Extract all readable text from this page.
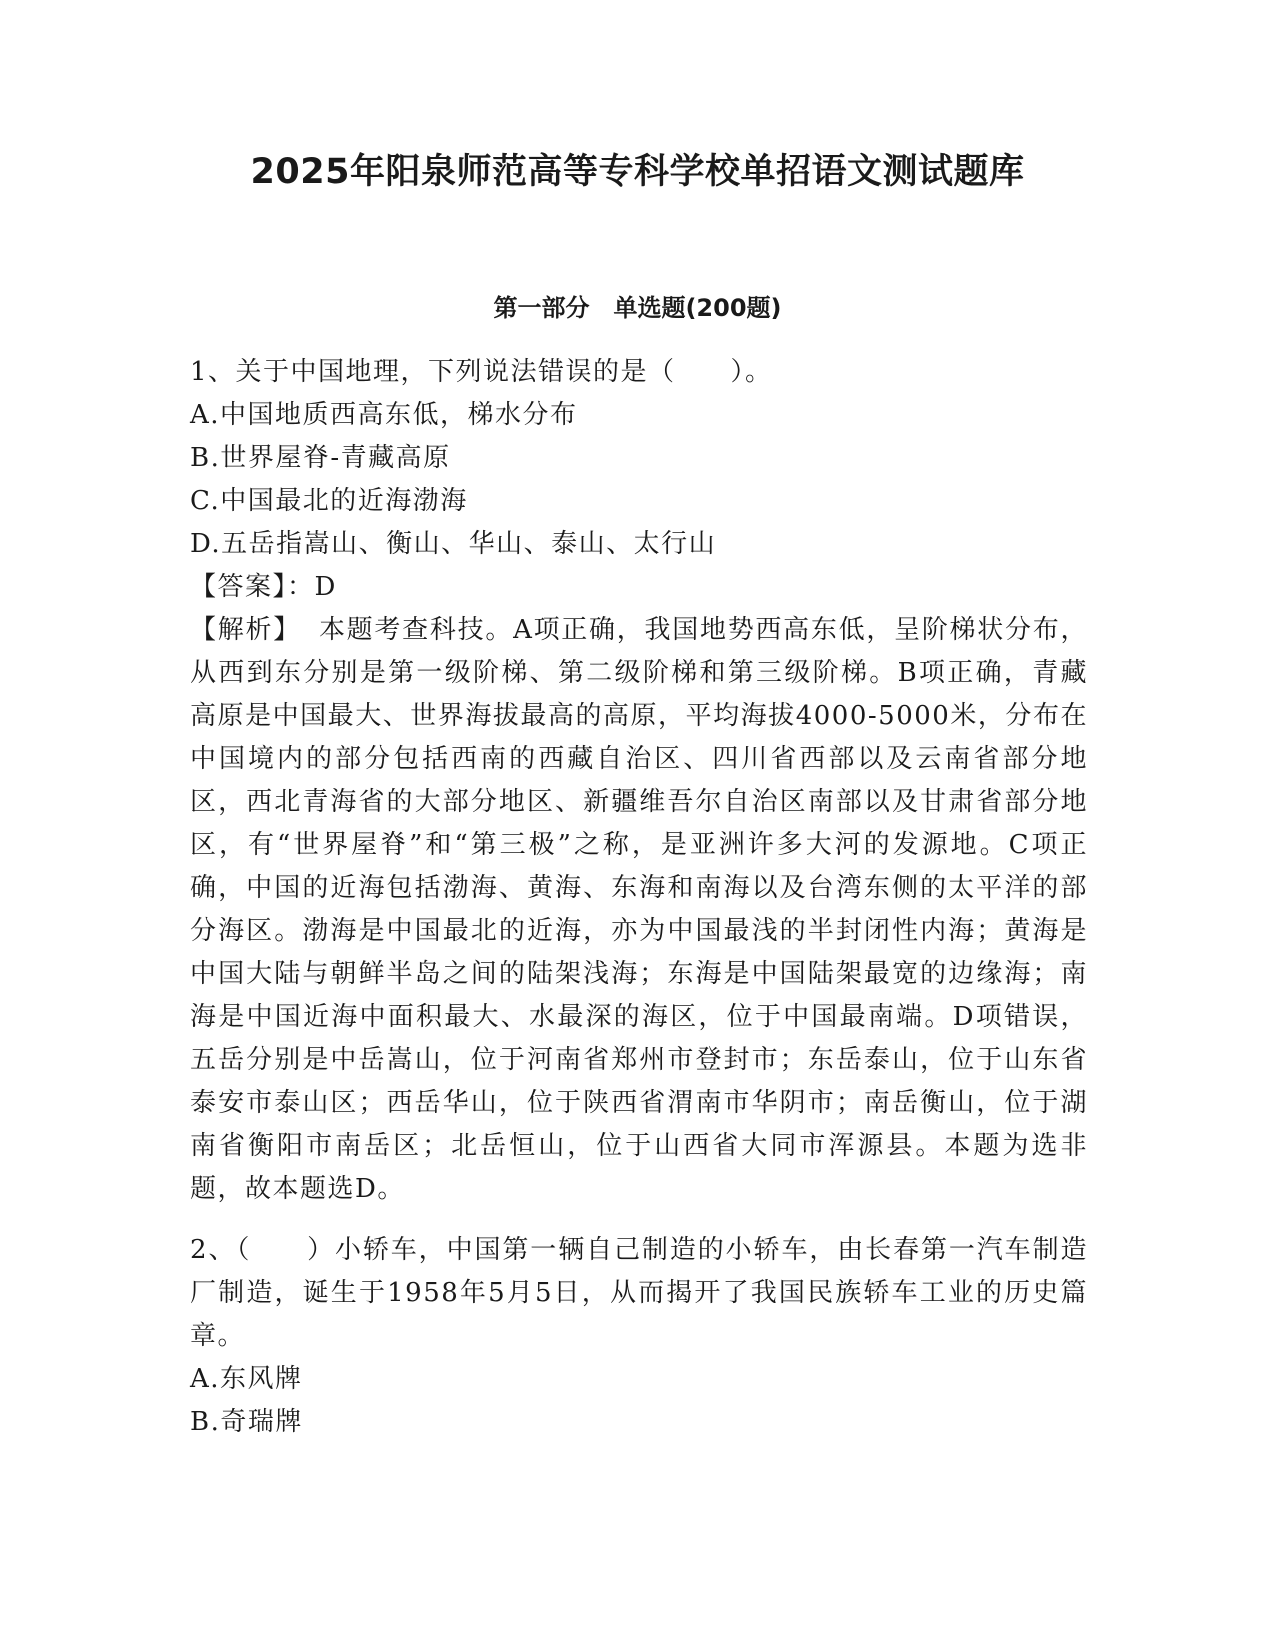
2025年阳泉师范高等专科学校单招语文测试题库
第一部分　单选题(200题)
1、关于中国地理，下列说法错误的是（　　）。
A.中国地质西高东低，梯水分布
B.世界屋脊-青藏高原
C.中国最北的近海渤海
D.五岳指嵩山、衡山、华山、泰山、太行山
【答案】：D
【解析】 本题考查科技。A项正确，我国地势西高东低，呈阶梯状分布，从西到东分别是第一级阶梯、第二级阶梯和第三级阶梯。B项正确，青藏高原是中国最大、世界海拔最高的高原，平均海拔4000-5000米，分布在中国境内的部分包括西南的西藏自治区、四川省西部以及云南省部分地区，西北青海省的大部分地区、新疆维吾尔自治区南部以及甘肃省部分地区，有“世界屋脊”和“第三极”之称，是亚洲许多大河的发源地。C项正确，中国的近海包括渤海、黄海、东海和南海以及台湾东侧的太平洋的部分海区。渤海是中国最北的近海，亦为中国最浅的半封闭性内海；黄海是中国大陆与朝鲜半岛之间的陆架浅海；东海是中国陆架最宽的边缘海；南海是中国近海中面积最大、水最深的海区，位于中国最南端。D项错误，五岳分别是中岳嵩山，位于河南省郑州市登封市；东岳泰山，位于山东省泰安市泰山区；西岳华山，位于陕西省渭南市华阴市；南岳衡山，位于湖南省衡阳市南岳区；北岳恒山，位于山西省大同市浑源县。本题为选非题，故本题选D。
2、（　　）小轿车，中国第一辆自己制造的小轿车，由长春第一汽车制造厂制造，诞生于1958年5月5日，从而揭开了我国民族轿车工业的历史篇章。
A.东风牌
B.奇瑞牌
